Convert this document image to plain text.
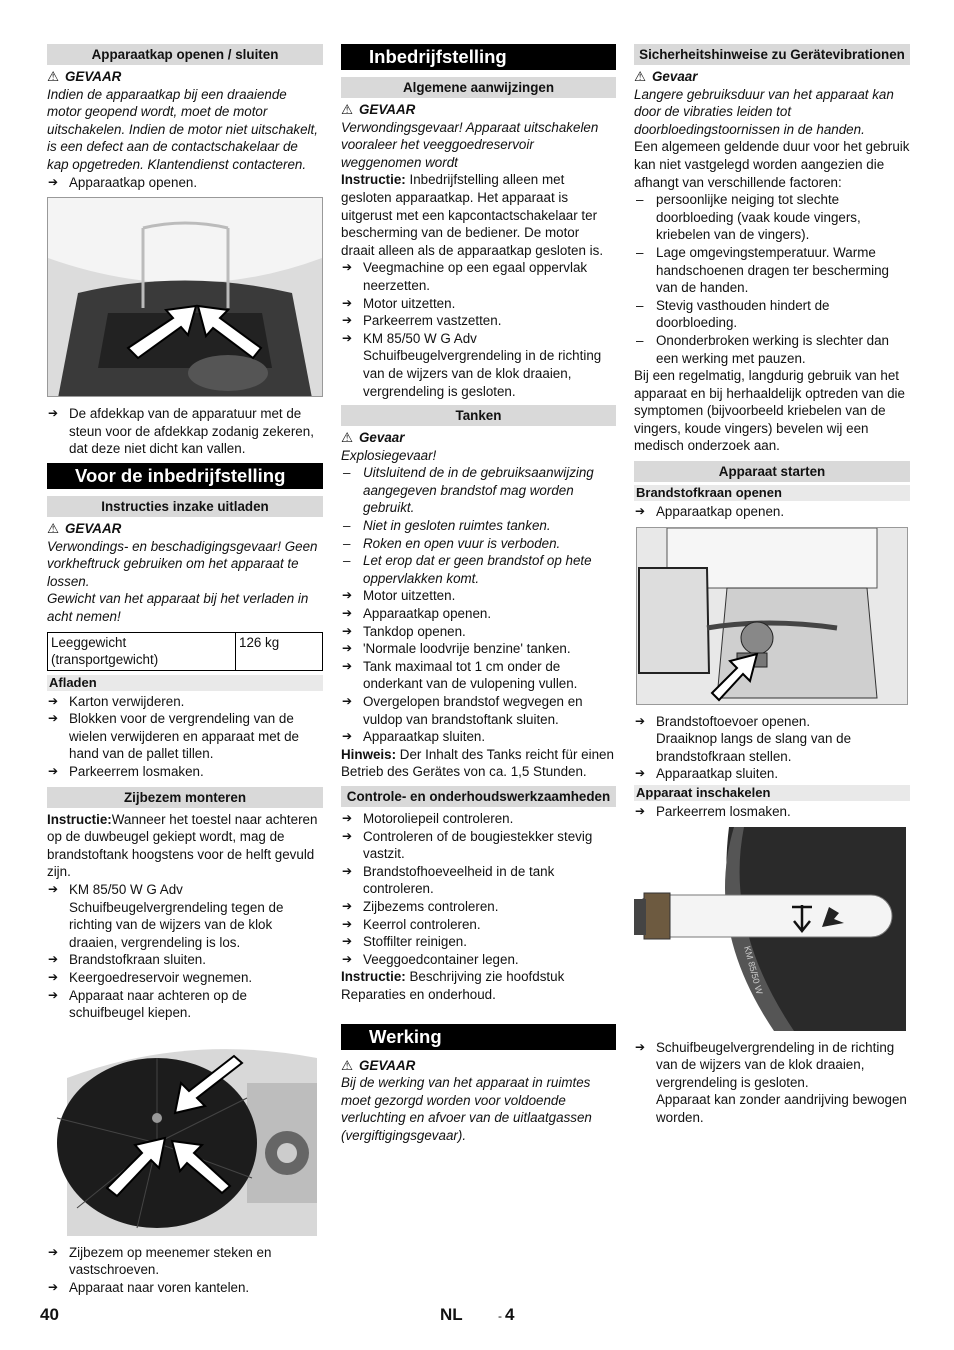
Apparaatkap openen / sluiten

⚠ GEVAAR

Indien de apparaatkap bij een draaiende motor geopend wordt, moet de motor uitschakelen. Indien de motor niet uitschakelt, is een defect aan de contactschakelaar de kap opgetreden. Klantendienst contacteren.

➔ Apparaatkap openen.
➔ De afdekkap van de apparatuur met de steun voor de afdekkap zodanig zekeren, dat deze niet dicht kan vallen.
Voor de inbedrijfstelling
Instructies inzake uitladen

⚠ GEVAAR

Verwondings- en beschadigingsgevaar! Geen vorkheftruck gebruiken om het apparaat te lossen.

Gewicht van het apparaat bij het verladen in acht nemen!

Leeggewicht (transportgewicht)	126 kg
Afladen
➔ Karton verwijderen.
➔ Blokken voor de vergrendeling van de wielen verwijderen en apparaat met de hand van de pallet tillen.
➔ Parkeerrem losmaken.
Zijbezem monteren

Instructie:Wanneer het toestel naar achteren op de duwbeugel gekiept wordt, mag de brandstoftank hoogstens voor de helft gevuld zijn.

➔ KM 85/50 W G Adv Schuifbeugelvergrendeling tegen de richting van de wijzers van de klok draaien, vergrendeling is los.
➔ Brandstofkraan sluiten.
➔ Keergoedreservoir wegnemen.
➔ Apparaat naar achteren op de schuifbeugel kiepen.
➔ Zijbezem op meenemer steken en vastschroeven.
➔ Apparaat naar voren kantelen.
Inbedrijfstelling
Algemene aanwijzingen

⚠ GEVAAR

Verwondingsgevaar! Apparaat uitschakelen vooraleer het veeggoedreservoir weggenomen wordt

Instructie: Inbedrijfstelling alleen met gesloten apparaatkap. Het apparaat is uitgerust met een kapcontactschakelaar ter bescherming van de bediener. De motor draait alleen als de apparaatkap gesloten is.

➔ Veegmachine op een egaal oppervlak neerzetten.
➔ Motor uitzetten.
➔ Parkeerrem vastzetten.
➔ KM 85/50 W G Adv Schuifbeugelvergrendeling in de richting van de wijzers van de klok draaien, vergrendeling is gesloten.
Tanken

⚠ Gevaar

Explosiegevaar!

– Uitsluitend de in de gebruiksaanwijzing aangegeven brandstof mag worden gebruikt.
– Niet in gesloten ruimtes tanken.
– Roken en open vuur is verboden.
– Let erop dat er geen brandstof op hete oppervlakken komt.
➔ Motor uitzetten.
➔ Apparaatkap openen.
➔ Tankdop openen.
➔ 'Normale loodvrije benzine' tanken.
➔ Tank maximaal tot 1 cm onder de onderkant van de vulopening vullen.
➔ Overgelopen brandstof wegvegen en vuldop van brandstoftank sluiten.
➔ Apparaatkap sluiten.

Hinweis: Der Inhalt des Tanks reicht für einen Betrieb des Gerätes von ca. 1,5 Stunden.

Controle- en onderhoudswerkzaamheden
➔ Motoroliepeil controleren.
➔ Controleren of de bougiestekker stevig vastzit.
➔ Brandstofhoeveelheid in de tank controleren.
➔ Zijbezems controleren.
➔ Keerrol controleren.
➔ Stoffilter reinigen.
➔ Veeggoedcontainer legen.

Instructie: Beschrijving zie hoofdstuk Reparaties en onderhoud.

Werking

⚠ GEVAAR

Bij de werking van het apparaat in ruimtes moet gezorgd worden voor voldoende verluchting en afvoer van de uitlaatgassen (vergiftigingsgevaar).

Sicherheitshinweise zu Gerätevibrationen

⚠ Gevaar

Langere gebruiksduur van het apparaat kan door de vibraties leiden tot doorbloedingstoornissen in de handen.

Een algemeen geldende duur voor het gebruik kan niet vastgelegd worden aangezien die afhangt van verschillende factoren:

– persoonlijke neiging tot slechte doorbloeding (vaak koude vingers, kriebelen van de vingers).
– Lage omgevingstemperatuur. Warme handschoenen dragen ter bescherming van de handen.
– Stevig vasthouden hindert de doorbloeding.
– Ononderbroken werking is slechter dan een werking met pauzen.

Bij een regelmatig, langdurig gebruik van het apparaat en bij herhaaldelijk optreden van die symptomen (bijvoorbeeld kriebelen van de vingers, koude vingers) bevelen wij een medisch onderzoek aan.

Apparaat starten
Brandstofkraan openen
➔ Apparaatkap openen.
➔ Brandstoftoevoer openen.
Draaiknop langs de slang van de brandstofkraan stellen.
➔ Apparaatkap sluiten.
Apparaat inschakelen
➔ Parkeerrem losmaken.
KM 85/50 W
➔ Schuifbeugelvergrendeling in de richting van de wijzers van de klok draaien, vergrendeling is gesloten.
Apparaat kan zonder aandrijving bewogen worden.
40	NL	- 4
